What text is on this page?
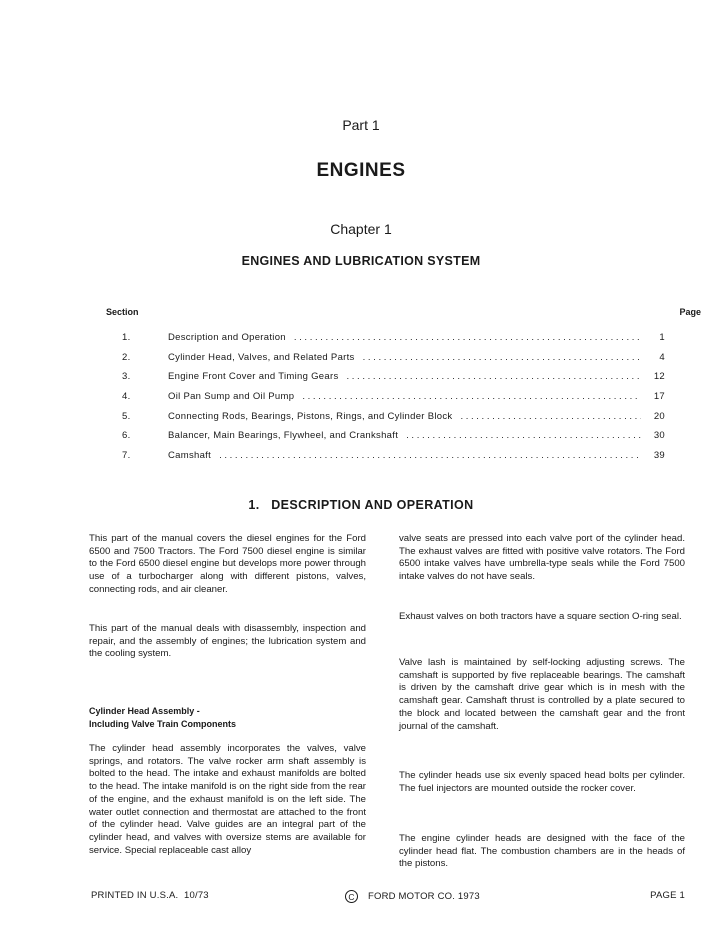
Part 1
ENGINES
Chapter 1
ENGINES AND LUBRICATION SYSTEM
Section	Page
1.	Description and Operation . . .	1
2.	Cylinder Head, Valves, and Related Parts . . .	4
3.	Engine Front Cover and Timing Gears . . .	12
4.	Oil Pan Sump and Oil Pump . . .	17
5.	Connecting Rods, Bearings, Pistons, Rings, and Cylinder Block . . .	20
6.	Balancer, Main Bearings, Flywheel, and Crankshaft . . .	30
7.	Camshaft . . .	39
1.   DESCRIPTION AND OPERATION

This part of the manual covers the diesel engines for the Ford 6500 and 7500 Tractors. The Ford 7500 diesel engine is similar to the Ford 6500 diesel engine but develops more power through use of a turbocharger along with different pistons, valves, connecting rods, and air cleaner.

This part of the manual deals with disassembly, inspection and repair, and the assembly of engines; the lubrication system and the cooling system.

Cylinder Head Assembly -
Including Valve Train Components

The cylinder head assembly incorporates the valves, valve springs, and rotators. The valve rocker arm shaft assembly is bolted to the head. The intake and exhaust manifolds are bolted to the head. The intake manifold is on the right side from the rear of the engine, and the exhaust manifold is on the left side. The water outlet connection and thermostat are attached to the front of the cylinder head. Valve guides are an integral part of the cylinder head, and valves with oversize stems are available for service. Special replaceable cast alloy

valve seats are pressed into each valve port of the cylinder head. The exhaust valves are fitted with positive valve rotators. The Ford 6500 intake valves have umbrella-type seals while the Ford 7500 intake valves do not have seals.

Exhaust valves on both tractors have a square section O-ring seal.

Valve lash is maintained by self-locking adjusting screws. The camshaft is supported by five replaceable bearings. The camshaft is driven by the camshaft drive gear which is in mesh with the camshaft gear. Camshaft thrust is controlled by a plate secured to the block and located between the camshaft gear and the front journal of the camshaft.

The cylinder heads use six evenly spaced head bolts per cylinder. The fuel injectors are mounted outside the rocker cover.

The engine cylinder heads are designed with the face of the cylinder head flat. The combustion chambers are in the heads of the pistons.

PRINTED IN U.S.A.  10/73	C	FORD MOTOR CO. 1973	PAGE 1
